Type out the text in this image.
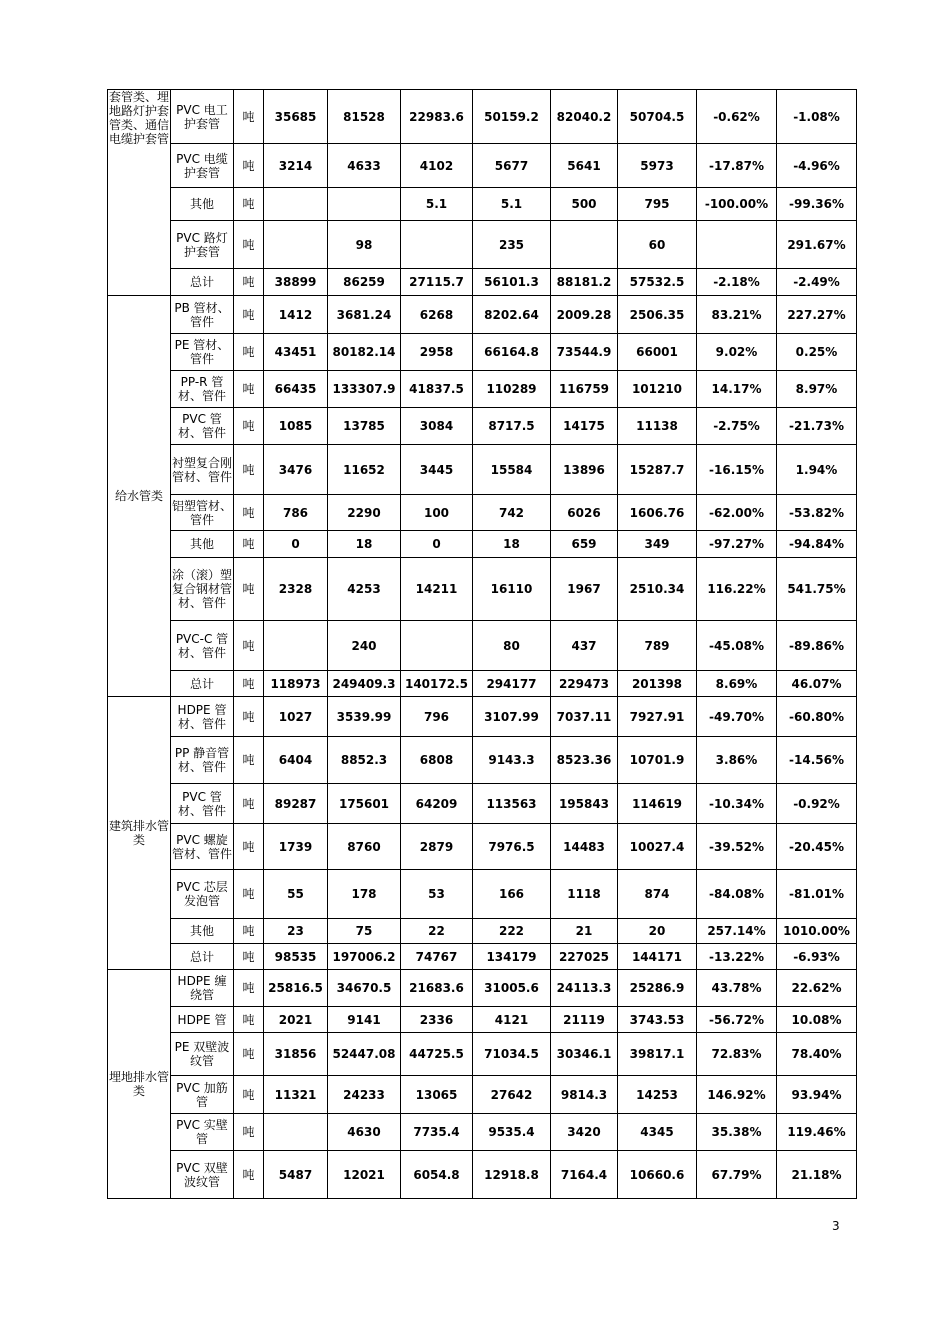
套管类、埋地路灯护套管类、通信电缆护套管	PVC 电工护套管	吨	35685	81528	22983.6	50159.2	82040.2	50704.5	-0.62%	-1.08%
	PVC 电缆护套管	吨	3214	4633	4102	5677	5641	5973	-17.87%	-4.96%
	其他	吨			5.1	5.1	500	795	-100.00%	-99.36%
	PVC 路灯护套管	吨		98		235		60		291.67%
	总计	吨	38899	86259	27115.7	56101.3	88181.2	57532.5	-2.18%	-2.49%
给水管类	PB 管材、管件	吨	1412	3681.24	6268	8202.64	2009.28	2506.35	83.21%	227.27%
	PE 管材、管件	吨	43451	80182.14	2958	66164.8	73544.9	66001	9.02%	0.25%
	PP-R 管材、管件	吨	66435	133307.9	41837.5	110289	116759	101210	14.17%	8.97%
	PVC 管材、管件	吨	1085	13785	3084	8717.5	14175	11138	-2.75%	-21.73%
	衬塑复合刚管材、管件	吨	3476	11652	3445	15584	13896	15287.7	-16.15%	1.94%
	铝塑管材、管件	吨	786	2290	100	742	6026	1606.76	-62.00%	-53.82%
	其他	吨	0	18	0	18	659	349	-97.27%	-94.84%
	涂（滚）塑复合钢材管材、管件	吨	2328	4253	14211	16110	1967	2510.34	116.22%	541.75%
	PVC-C 管材、管件	吨		240		80	437	789	-45.08%	-89.86%
	总计	吨	118973	249409.3	140172.5	294177	229473	201398	8.69%	46.07%
建筑排水管类	HDPE 管材、管件	吨	1027	3539.99	796	3107.99	7037.11	7927.91	-49.70%	-60.80%
	PP 静音管材、管件	吨	6404	8852.3	6808	9143.3	8523.36	10701.9	3.86%	-14.56%
	PVC 管材、管件	吨	89287	175601	64209	113563	195843	114619	-10.34%	-0.92%
	PVC 螺旋管材、管件	吨	1739	8760	2879	7976.5	14483	10027.4	-39.52%	-20.45%
	PVC 芯层发泡管	吨	55	178	53	166	1118	874	-84.08%	-81.01%
	其他	吨	23	75	22	222	21	20	257.14%	1010.00%
	总计	吨	98535	197006.2	74767	134179	227025	144171	-13.22%	-6.93%
埋地排水管类	HDPE 缠绕管	吨	25816.5	34670.5	21683.6	31005.6	24113.3	25286.9	43.78%	22.62%
	HDPE 管	吨	2021	9141	2336	4121	21119	3743.53	-56.72%	10.08%
	PE 双壁波纹管	吨	31856	52447.08	44725.5	71034.5	30346.1	39817.1	72.83%	78.40%
	PVC 加筋管	吨	11321	24233	13065	27642	9814.3	14253	146.92%	93.94%
	PVC 实壁管	吨		4630	7735.4	9535.4	3420	4345	35.38%	119.46%
	PVC 双壁波纹管	吨	5487	12021	6054.8	12918.8	7164.4	10660.6	67.79%	21.18%
3
